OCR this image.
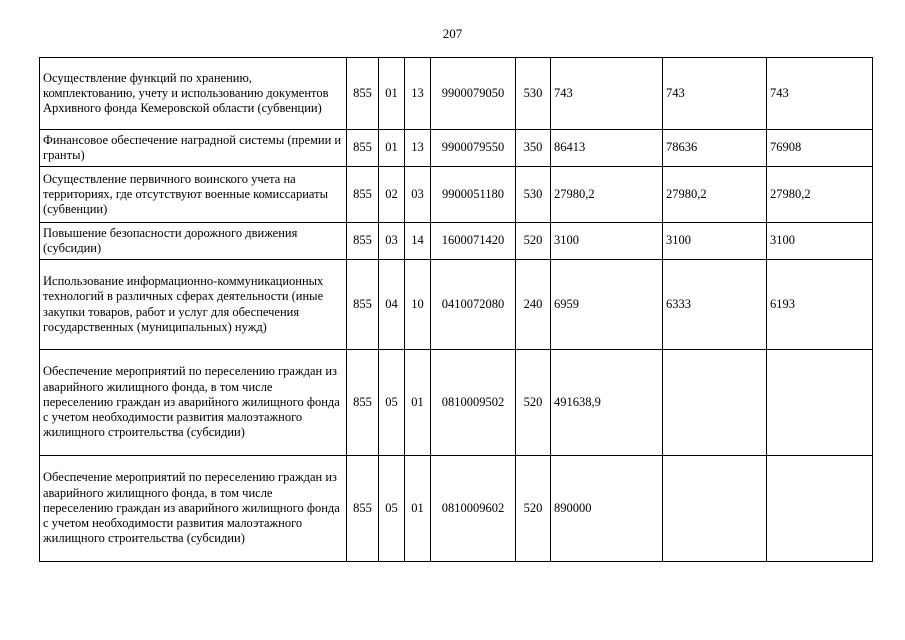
207
Осуществление функций по хранению, комплектованию, учету и использованию документов Архивного фонда Кемеровской области (субвенции)	855	01	13	9900079050	530	743	743	743
Финансовое обеспечение наградной системы (премии и гранты)	855	01	13	9900079550	350	86413	78636	76908
Осуществление первичного воинского учета на территориях, где отсутствуют военные комиссариаты (субвенции)	855	02	03	9900051180	530	27980,2	27980,2	27980,2
Повышение безопасности дорожного движения (субсидии)	855	03	14	1600071420	520	3100	3100	3100
Использование информационно-коммуникационных технологий в различных сферах деятельности (иные закупки товаров, работ и услуг для обеспечения государственных (муниципальных) нужд)	855	04	10	0410072080	240	6959	6333	6193
Обеспечение мероприятий по переселению граждан из аварийного жилищного фонда, в том числе переселению граждан из аварийного жилищного фонда с учетом необходимости развития малоэтажного жилищного строительства (субсидии)	855	05	01	0810009502	520	491638,9		
Обеспечение мероприятий по переселению граждан из аварийного жилищного фонда, в том числе переселению граждан из аварийного жилищного фонда с учетом необходимости развития малоэтажного жилищного строительства (субсидии)	855	05	01	0810009602	520	890000		
